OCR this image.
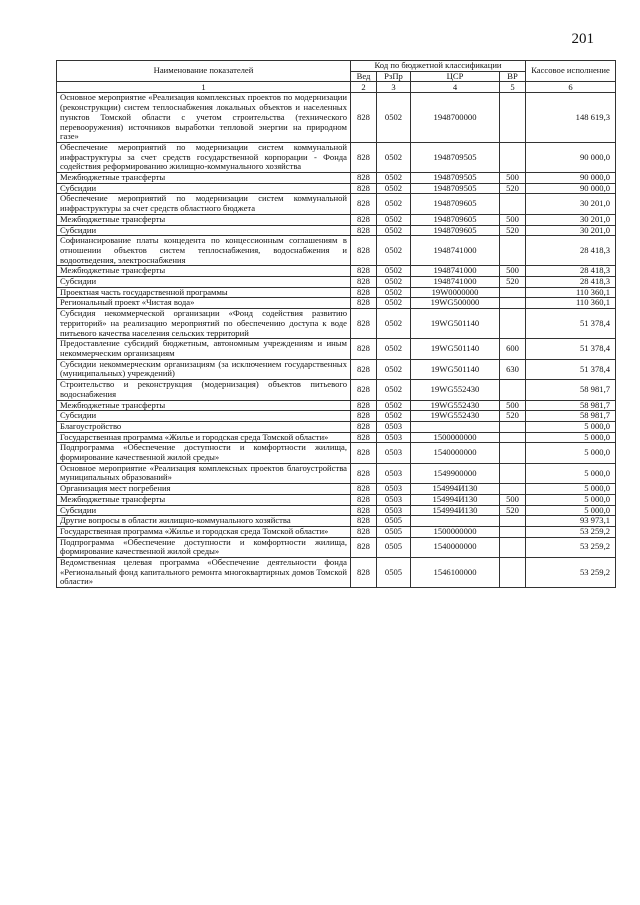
201
Наименование показателей	Код по бюджетной классификации				Кассовое исполнение
	Вед	РзПр	ЦСР	ВР	
1	2	3	4	5	6
Основное мероприятие «Реализация комплексных проектов по модернизации (реконструкции) систем теплоснабжения локальных объектов и населенных пунктов Томской области с учетом строительства (технического перевооружения) источников выработки тепловой энергии на природном газе»	828	0502	1948700000		148 619,3
Обеспечение мероприятий по модернизации систем коммунальной инфраструктуры за счет средств государственной корпорации - Фонда содействия реформированию жилищно-коммунального хозяйства	828	0502	1948709505		90 000,0
Межбюджетные трансферты	828	0502	1948709505	500	90 000,0
Субсидии	828	0502	1948709505	520	90 000,0
Обеспечение мероприятий по модернизации систем коммунальной инфраструктуры за счет средств областного бюджета	828	0502	1948709605		30 201,0
Межбюджетные трансферты	828	0502	1948709605	500	30 201,0
Субсидии	828	0502	1948709605	520	30 201,0
Софинансирование платы концедента по концессионным соглашениям в отношении объектов систем теплоснабжения, водоснабжения и водоотведения, электроснабжения	828	0502	1948741000		28 418,3
Межбюджетные трансферты	828	0502	1948741000	500	28 418,3
Субсидии	828	0502	1948741000	520	28 418,3
Проектная часть государственной программы	828	0502	19W0000000		110 360,1
Региональный проект «Чистая вода»	828	0502	19WG500000		110 360,1
Субсидия некоммерческой организации «Фонд содействия развитию территорий» на реализацию мероприятий по обеспечению доступа к воде питьевого качества населения сельских территорий	828	0502	19WG501140		51 378,4
Предоставление субсидий бюджетным, автономным учреждениям и иным некоммерческим организациям	828	0502	19WG501140	600	51 378,4
Субсидии некоммерческим организациям (за исключением государственных (муниципальных) учреждений)	828	0502	19WG501140	630	51 378,4
Строительство и реконструкция (модернизация) объектов питьевого водоснабжения	828	0502	19WG552430		58 981,7
Межбюджетные трансферты	828	0502	19WG552430	500	58 981,7
Субсидии	828	0502	19WG552430	520	58 981,7
Благоустройство	828	0503			5 000,0
Государственная программа «Жилье и городская среда Томской области»	828	0503	1500000000		5 000,0
Подпрограмма «Обеспечение доступности и комфортности жилища, формирование качественной жилой среды»	828	0503	1540000000		5 000,0
Основное мероприятие «Реализация комплексных проектов благоустройства муниципальных образований»	828	0503	1549900000		5 000,0
Организация мест погребения	828	0503	154994И130		5 000,0
Межбюджетные трансферты	828	0503	154994И130	500	5 000,0
Субсидии	828	0503	154994И130	520	5 000,0
Другие вопросы в области жилищно-коммунального хозяйства	828	0505			93 973,1
Государственная программа «Жилье и городская среда Томской области»	828	0505	1500000000		53 259,2
Подпрограмма «Обеспечение доступности и комфортности жилища, формирование качественной жилой среды»	828	0505	1540000000		53 259,2
Ведомственная целевая программа «Обеспечение деятельности фонда «Региональный фонд капитального ремонта многоквартирных домов Томской области»	828	0505	1546100000		53 259,2
